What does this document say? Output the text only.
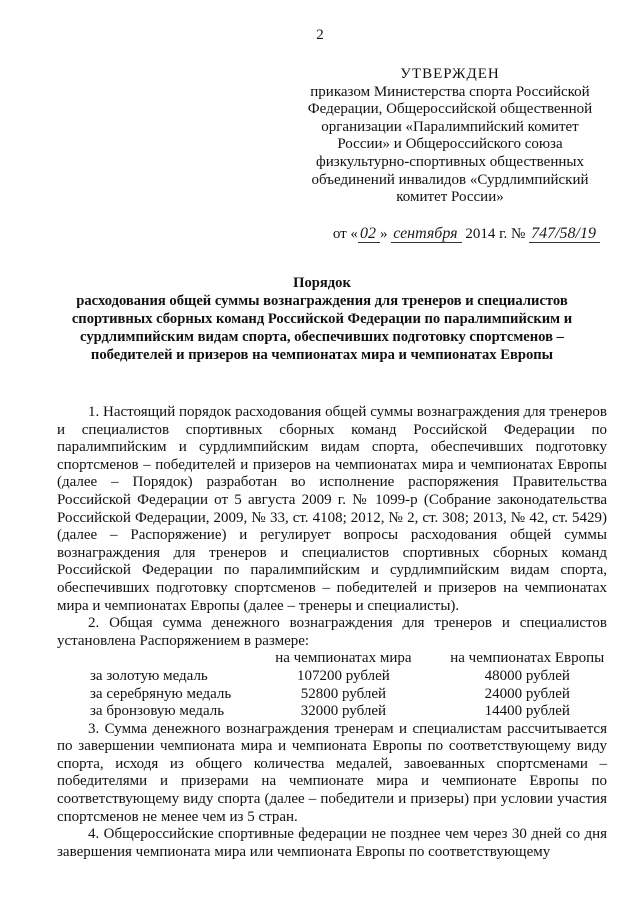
2
УТВЕРЖДЕН
приказом Министерства спорта Российской
Федерации, Общероссийской общественной
организации «Паралимпийский комитет
России» и Общероссийского союза
физкультурно-спортивных общественных
объединений инвалидов «Сурдлимпийский
комитет России»
от « 02 » сентября 2014 г. № 747/58/19
Порядок
расходования общей суммы вознаграждения для тренеров и специалистов
спортивных сборных команд Российской Федерации по паралимпийским и
сурдлимпийским видам спорта, обеспечивших подготовку спортсменов –
победителей и призеров на чемпионатах мира и чемпионатах Европы

1. Настоящий порядок расходования общей суммы вознаграждения для тренеров и специалистов спортивных сборных команд Российской Федерации по паралимпийским и сурдлимпийским видам спорта, обеспечивших подготовку спортсменов – победителей и призеров на чемпионатах мира и чемпионатах Европы (далее – Порядок) разработан во исполнение распоряжения Правительства Российской Федерации от 5 августа 2009 г. № 1099-р (Собрание законодательства Российской Федерации, 2009, № 33, ст. 4108; 2012, № 2, ст. 308; 2013, № 42, ст. 5429) (далее – Распоряжение) и регулирует вопросы расходования общей суммы вознаграждения для тренеров и специалистов спортивных сборных команд Российской Федерации по паралимпийским и сурдлимпийским видам спорта, обеспечивших подготовку спортсменов – победителей и призеров на чемпионатах мира и чемпионатах Европы (далее – тренеры и специалисты).

2. Общая сумма денежного вознаграждения для тренеров и специалистов установлена Распоряжением в размере:

	на чемпионатах мира	на чемпионатах Европы
за золотую медаль	107200 рублей	48000 рублей
за серебряную медаль	52800 рублей	24000 рублей
за бронзовую медаль	32000 рублей	14400 рублей

3. Сумма денежного вознаграждения тренерам и специалистам рассчитывается по завершении чемпионата мира и чемпионата Европы по соответствующему виду спорта, исходя из общего количества медалей, завоеванных спортсменами – победителями и призерами на чемпионате мира и чемпионате Европы по соответствующему виду спорта (далее – победители и призеры) при условии участия спортсменов не менее чем из 5 стран.

4. Общероссийские спортивные федерации не позднее чем через 30 дней со дня завершения чемпионата мира или чемпионата Европы по соответствующему
